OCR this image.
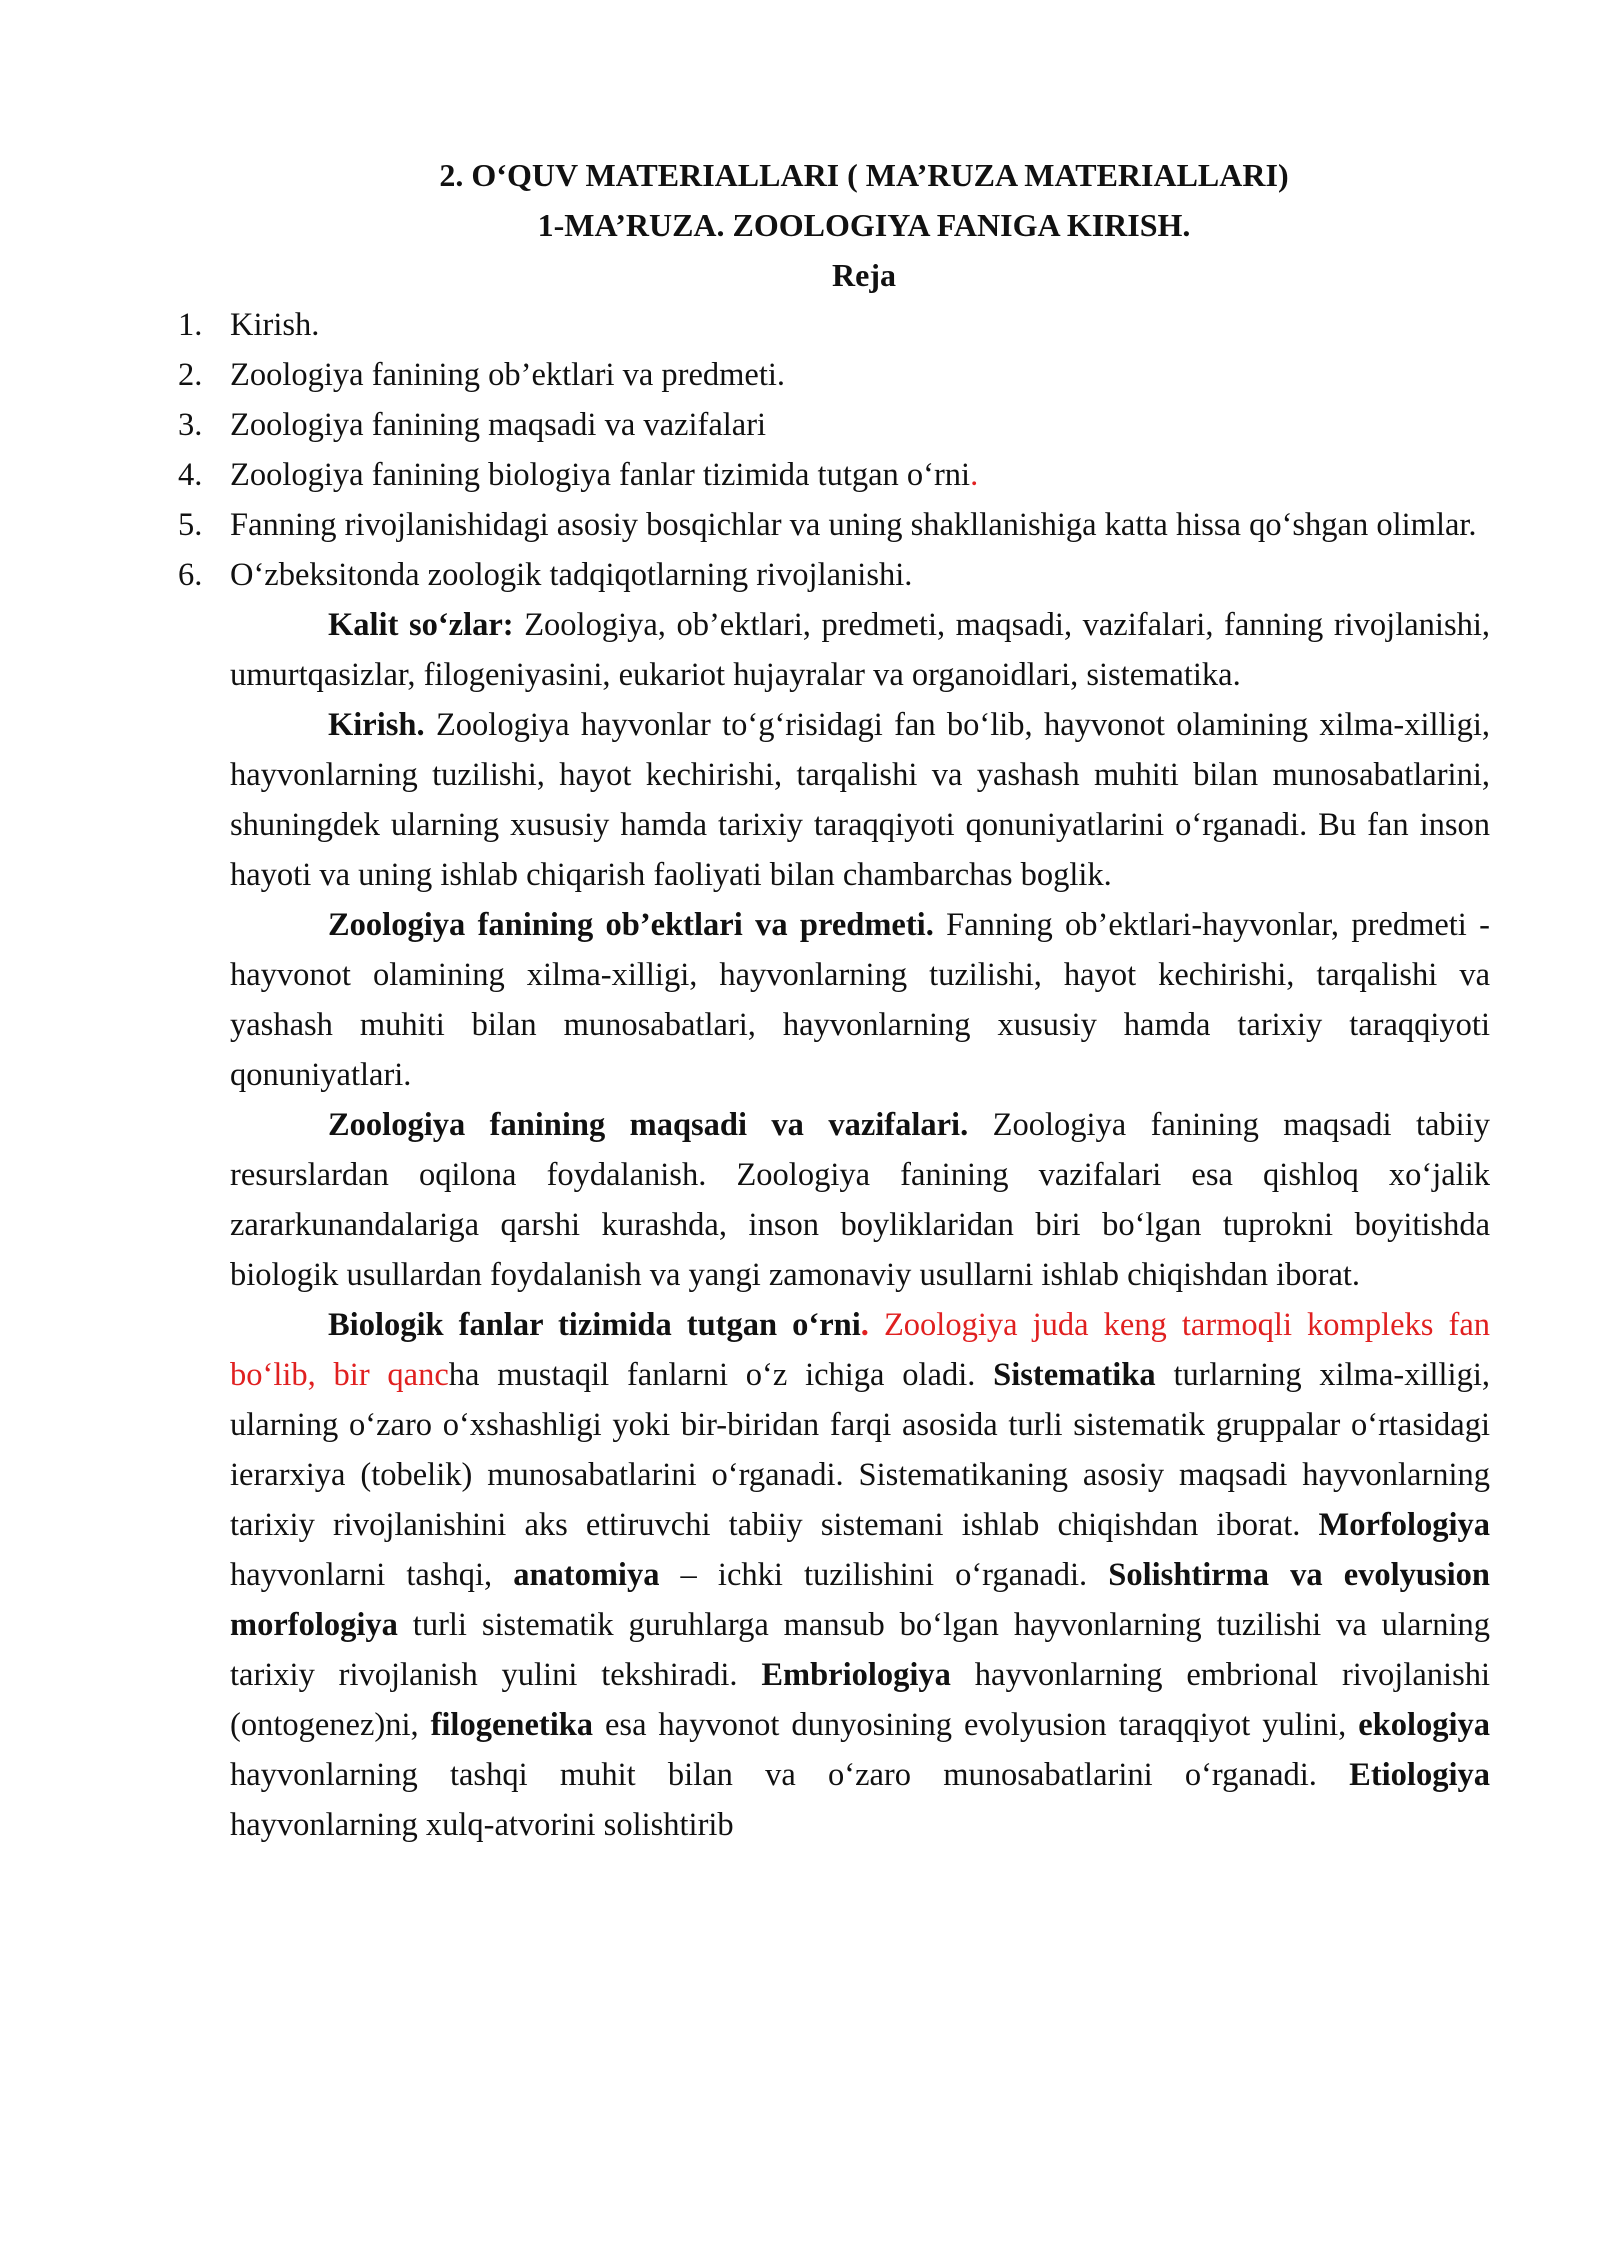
2. O‘QUV MATERIALLARI ( MA’RUZA MATERIALLARI)

1-MA’RUZA. ZOOLOGIYA FANIGA KIRISH.

Reja

1. Kirish.
2. Zoologiya fanining ob’ektlari va predmeti.
3. Zoologiya fanining maqsadi va vazifalari
4. Zoologiya fanining biologiya fanlar tizimida tutgan o‘rni.
5. Fanning rivojlanishidagi asosiy bosqichlar va uning shakllanishiga katta hissa qo‘shgan olimlar.
6. O‘zbeksitonda zoologik tadqiqotlarning rivojlanishi.

Kalit so‘zlar: Zoologiya, ob’ektlari, predmeti, maqsadi, vazifalari, fanning rivojlanishi, umurtqasizlar, filogeniyasini, eukariot hujayralar va organoidlari, sistematika.

Kirish. Zoologiya hayvonlar to‘g‘risidagi fan bo‘lib, hayvonot olamining xilma-xilligi, hayvonlarning tuzilishi, hayot kechirishi, tarqalishi va yashash muhiti bilan munosabatlarini, shuningdek ularning xususiy hamda tarixiy taraqqiyoti qonuniyatlarini o‘rganadi. Bu fan inson hayoti va uning ishlab chiqarish faoliyati bilan chambarchas boglik.

Zoologiya fanining ob’ektlari va predmeti. Fanning ob’ektlari-hayvonlar, predmeti - hayvonot olamining xilma-xilligi, hayvonlarning tuzilishi, hayot kechirishi, tarqalishi va yashash muhiti bilan munosabatlari, hayvonlarning xususiy hamda tarixiy taraqqiyoti qonuniyatlari.

Zoologiya fanining maqsadi va vazifalari. Zoologiya fanining maqsadi tabiiy resurslardan oqilona foydalanish. Zoologiya fanining vazifalari esa qishloq xo‘jalik zararkunandalariga qarshi kurashda, inson boyliklaridan biri bo‘lgan tuprokni boyitishda biologik usullardan foydalanish va yangi zamonaviy usullarni ishlab chiqishdan iborat.

Biologik fanlar tizimida tutgan o‘rni. Zoologiya juda keng tarmoqli kompleks fan bo‘lib, bir qancha mustaqil fanlarni o‘z ichiga oladi. Sistematika turlarning xilma-xilligi, ularning o‘zaro o‘xshashligi yoki bir-biridan farqi asosida turli sistematik gruppalar o‘rtasidagi ierarxiya (tobelik) munosabatlarini o‘rganadi. Sistematikaning asosiy maqsadi hayvonlarning tarixiy rivojlanishini aks ettiruvchi tabiiy sistemani ishlab chiqishdan iborat. Morfologiya hayvonlarni tashqi, anatomiya – ichki tuzilishini o‘rganadi. Solishtirma va evolyusion morfologiya turli sistematik guruhlarga mansub bo‘lgan hayvonlarning tuzilishi va ularning tarixiy rivojlanish yulini tekshiradi. Embriologiya hayvonlarning embrional rivojlanishi (ontogenez)ni, filogenetika esa hayvonot dunyosining evolyusion taraqqiyot yulini, ekologiya hayvonlarning tashqi muhit bilan va o‘zaro munosabatlarini o‘rganadi. Etiologiya hayvonlarning xulq-atvorini solishtirib
